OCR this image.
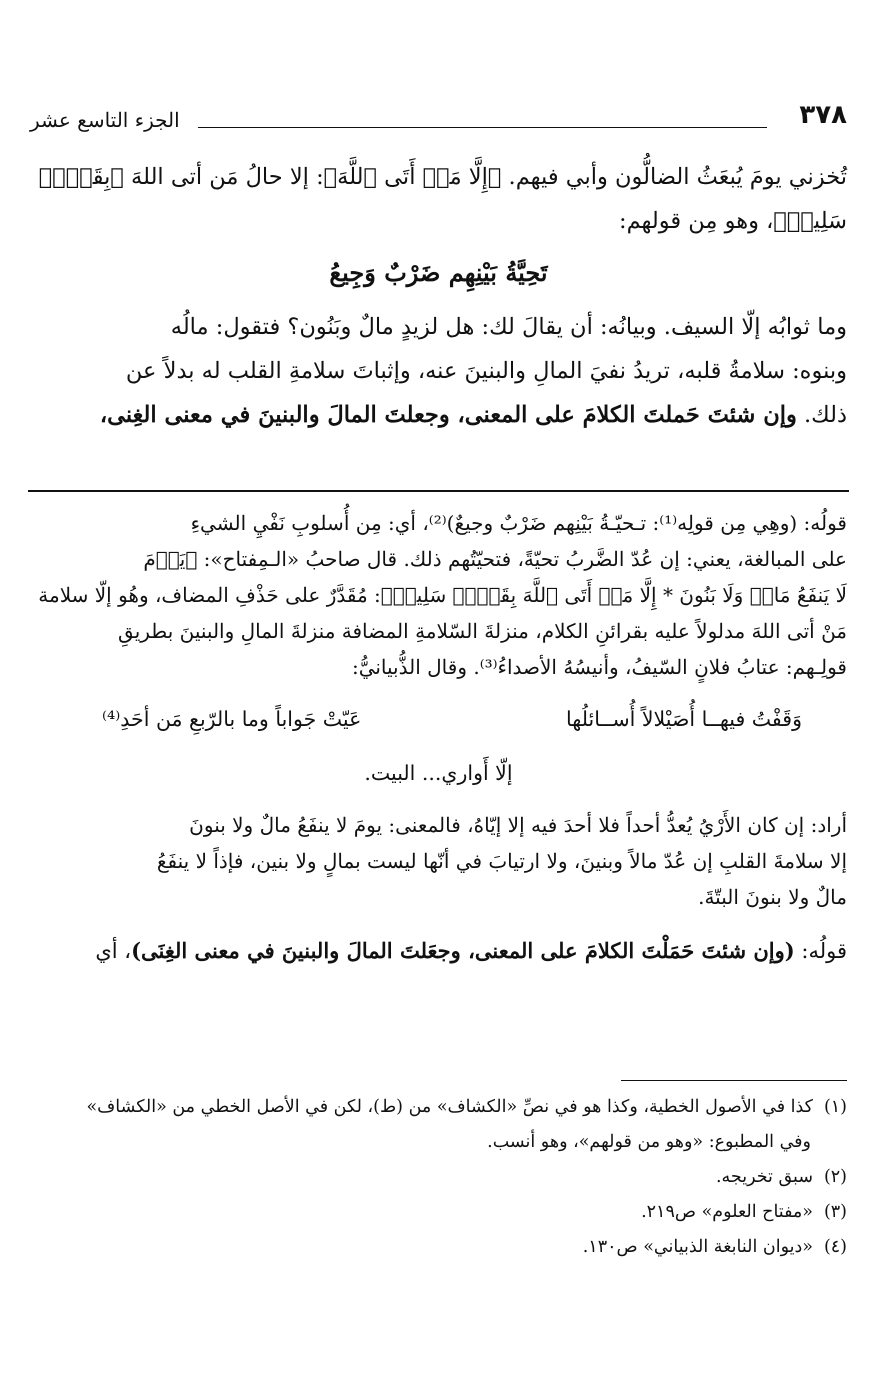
٣٧٨
الجزء التاسع عشر

تُخزني يومَ يُبعَثُ الضالُّون وأبي فيهم. ﴿إِلَّا مَنۡ أَتَى ٱللَّهَ﴾: إلا حالُ مَن أتى اللهَ ﴿بِقَلۡبٖ

سَلِيمٖ﴾، وهو مِن قولهم:

تَحِيَّةُ بَيْنِهِم ضَرْبٌ وَجِيعُ

وما ثوابُه إلّا السيف. وبيانُه: أن يقالَ لك: هل لزيدٍ مالٌ وبَنُون؟ فتقول: مالُه

وبنوه: سلامةُ قلبه، تريدُ نفيَ المالِ والبنينَ عنه، وإثباتَ سلامةِ القلب له بدلاً عن

ذلك. وإن شئتَ حَملتَ الكلامَ على المعنى، وجعلتَ المالَ والبنينَ في معنى الغِنى،

قولُه: (وهِي مِن قولِه⁽¹⁾: تـحيّـةُ بَيْنِهم ضَرْبٌ وجيعٌ)⁽²⁾، أي: مِن أُسلوبِ نَفْيِ الشيءِ

على المبالغة، يعني: إن عُدّ الضَّربُ تحيّةً، فتحيّتُهم ذلك. قال صاحبُ «الـمِفتاح»: ﴿يَوۡمَ

لَا يَنفَعُ مَالٞ وَلَا بَنُونَ * إِلَّا مَنۡ أَتَى ٱللَّهَ بِقَلۡبٖ سَلِيمٖ﴾: مُقَدَّرٌ على حَذْفِ المضاف، وهُو إلّا سلامة

مَنْ أتى اللهَ مدلولاً عليه بقرائنِ الكلام، منزلةَ السّلامةِ المضافة منزلةَ المالِ والبنينَ بطريقِ

قولِـهم: عتابُ فلانٍ السّيفُ، وأنيسُهُ الأصداءُ⁽³⁾. وقال الذُّبيانيُّ:

وَقَفْتُ فيهــا أُصَيْلالاً أُســائلُها
عَيّتْ جَواباً وما بالرّبعِ مَن أحَدِ⁽⁴⁾

إلّا أَواري... البيت.

أراد: إن كان الأَرْيُ يُعدُّ أحداً فلا أحدَ فيه إلا إيّاهُ، فالمعنى: يومَ لا ينفَعُ مالٌ ولا بنونَ

إلا سلامةَ القلبِ إن عُدّ مالاً وبنينَ، ولا ارتيابَ في أنّها ليست بمالٍ ولا بنين، فإذاً لا ينفَعُ

مالٌ ولا بنونَ البتّةَ.

قولُه: (وإن شئتَ حَمَلْتَ الكلامَ على المعنى، وجعَلتَ المالَ والبنينَ في معنى الغِنَى)، أي

(١)كذا في الأصول الخطية، وكذا هو في نصِّ «الكشاف» من (ط)، لكن في الأصل الخطي من «الكشاف»

وفي المطبوع: «وهو من قولهم»، وهو أنسب.

(٢)سبق تخريجه.

(٣)«مفتاح العلوم» ص٢١٩.

(٤)«ديوان النابغة الذبياني» ص١٣٠.
